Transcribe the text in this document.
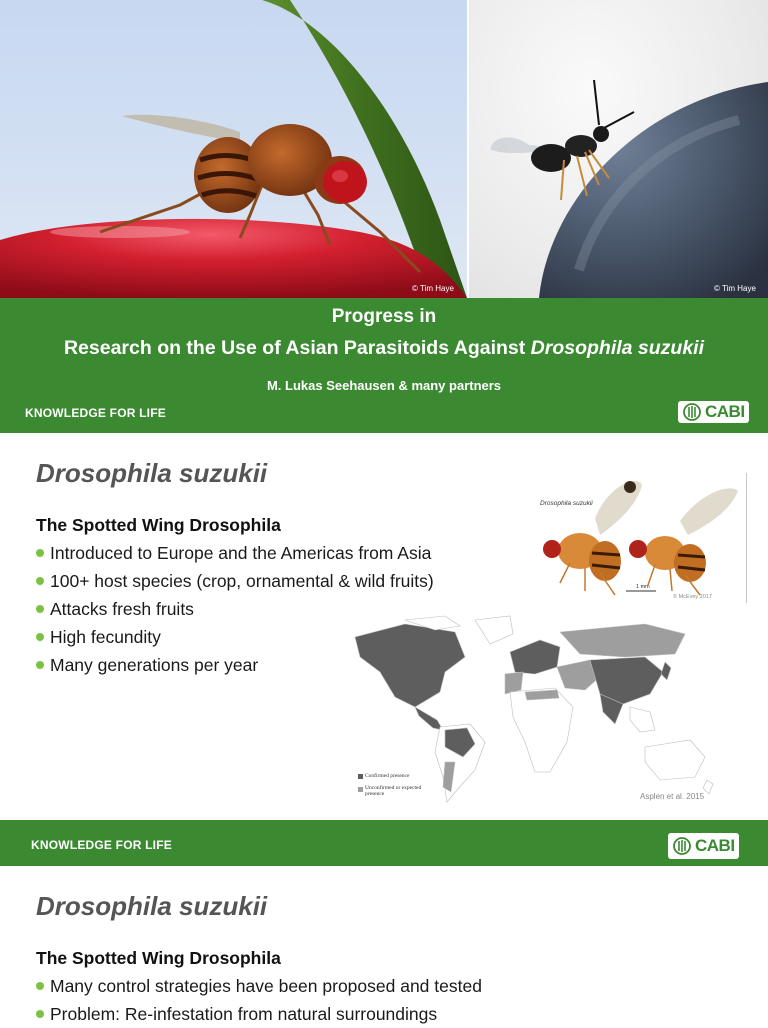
© Tim Haye	© Tim Haye
Progress in
Research on the Use of Asian Parasitoids Against Drosophila suzukii
M. Lukas Seehausen & many partners
KNOWLEDGE FOR LIFE	CABI
Drosophila suzukii
The Spotted Wing Drosophila
Introduced to Europe and the Americas from Asia
100+ host species (crop, ornamental & wild fruits)
Attacks fresh fruits
High fecundity
Many generations per year
Drosophila suzukii
1 mm
© McEvey 2017
Confirmed presence
Unconfirmed or expected presence	Asplen et al. 2015
KNOWLEDGE FOR LIFE	CABI
Drosophila suzukii
The Spotted Wing Drosophila
Many control strategies have been proposed and tested
Problem: Re-infestation from natural surroundings
